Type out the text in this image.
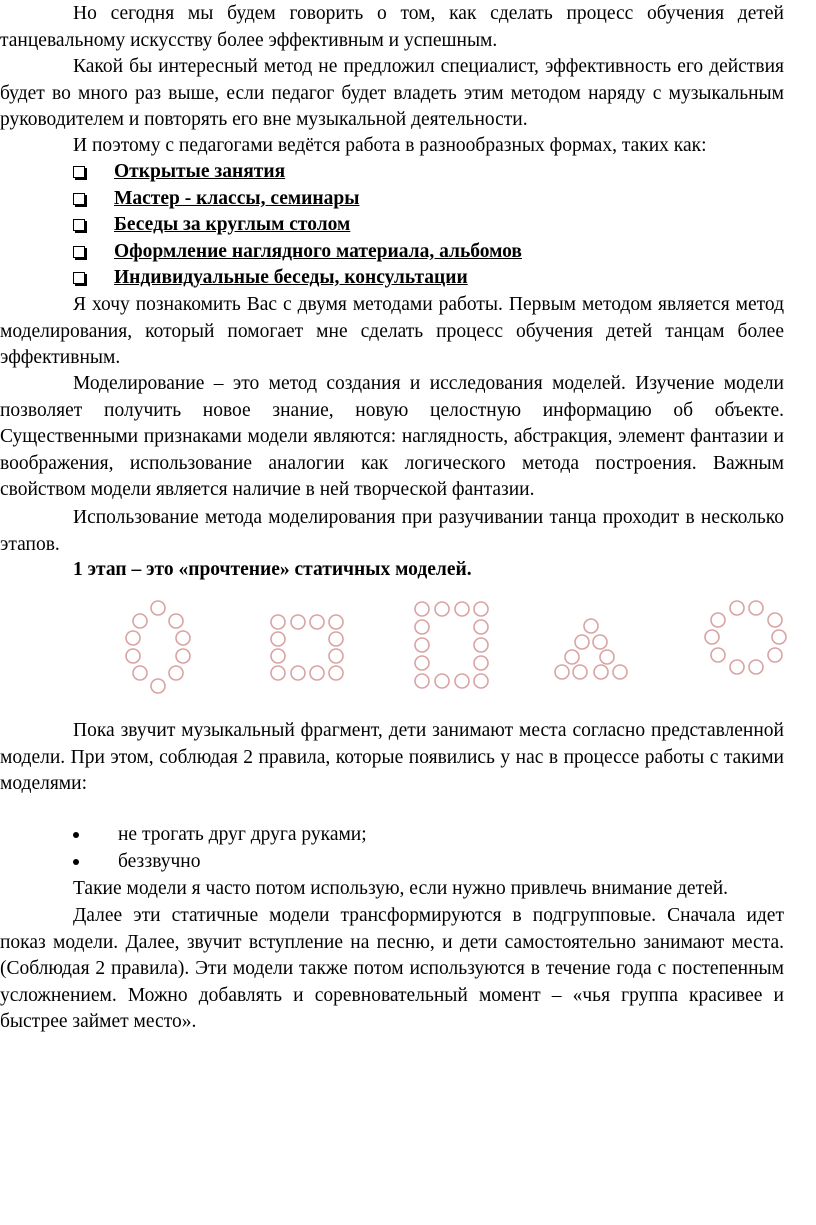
Но сегодня мы будем говорить о том, как сделать процесс обучения детей танцевальному искусству более эффективным и успешным.

Какой бы интересный метод не предложил специалист, эффективность его действия будет во много раз выше, если педагог будет владеть этим методом наряду с музыкальным руководителем и повторять его вне музыкальной деятельности.

И поэтому с педагогами ведётся работа в разнообразных формах, таких как:

Открытые занятия
Мастер - классы, семинары
Беседы за круглым столом
Оформление наглядного материала, альбомов
Индивидуальные беседы, консультации

Я хочу познакомить Вас с двумя методами работы. Первым методом является метод моделирования, который помогает мне сделать процесс обучения детей танцам более эффективным.

Моделирование – это метод создания и исследования моделей. Изучение модели позволяет получить новое знание, новую целостную информацию об объекте. Существенными признаками модели являются: наглядность, абстракция, элемент фантазии и воображения, использование аналогии как логического метода построения. Важным свойством модели является наличие в ней творческой фантазии.

Использование метода моделирования при разучивании танца проходит в несколько этапов.

1 этап – это «прочтение» статичных моделей.

Пока звучит музыкальный фрагмент, дети занимают места согласно представленной модели. При этом, соблюдая 2 правила, которые появились у нас в процессе работы с такими моделями:

не трогать друг друга руками;
беззвучно

Такие модели я часто потом использую, если нужно привлечь внимание детей.

Далее эти статичные модели трансформируются в подгрупповые. Сначала идет показ модели. Далее, звучит вступление на песню, и дети самостоятельно занимают места. (Соблюдая 2 правила). Эти модели также потом используются в течение года с постепенным усложнением. Можно добавлять и соревновательный момент – «чья группа красивее и быстрее займет место».
